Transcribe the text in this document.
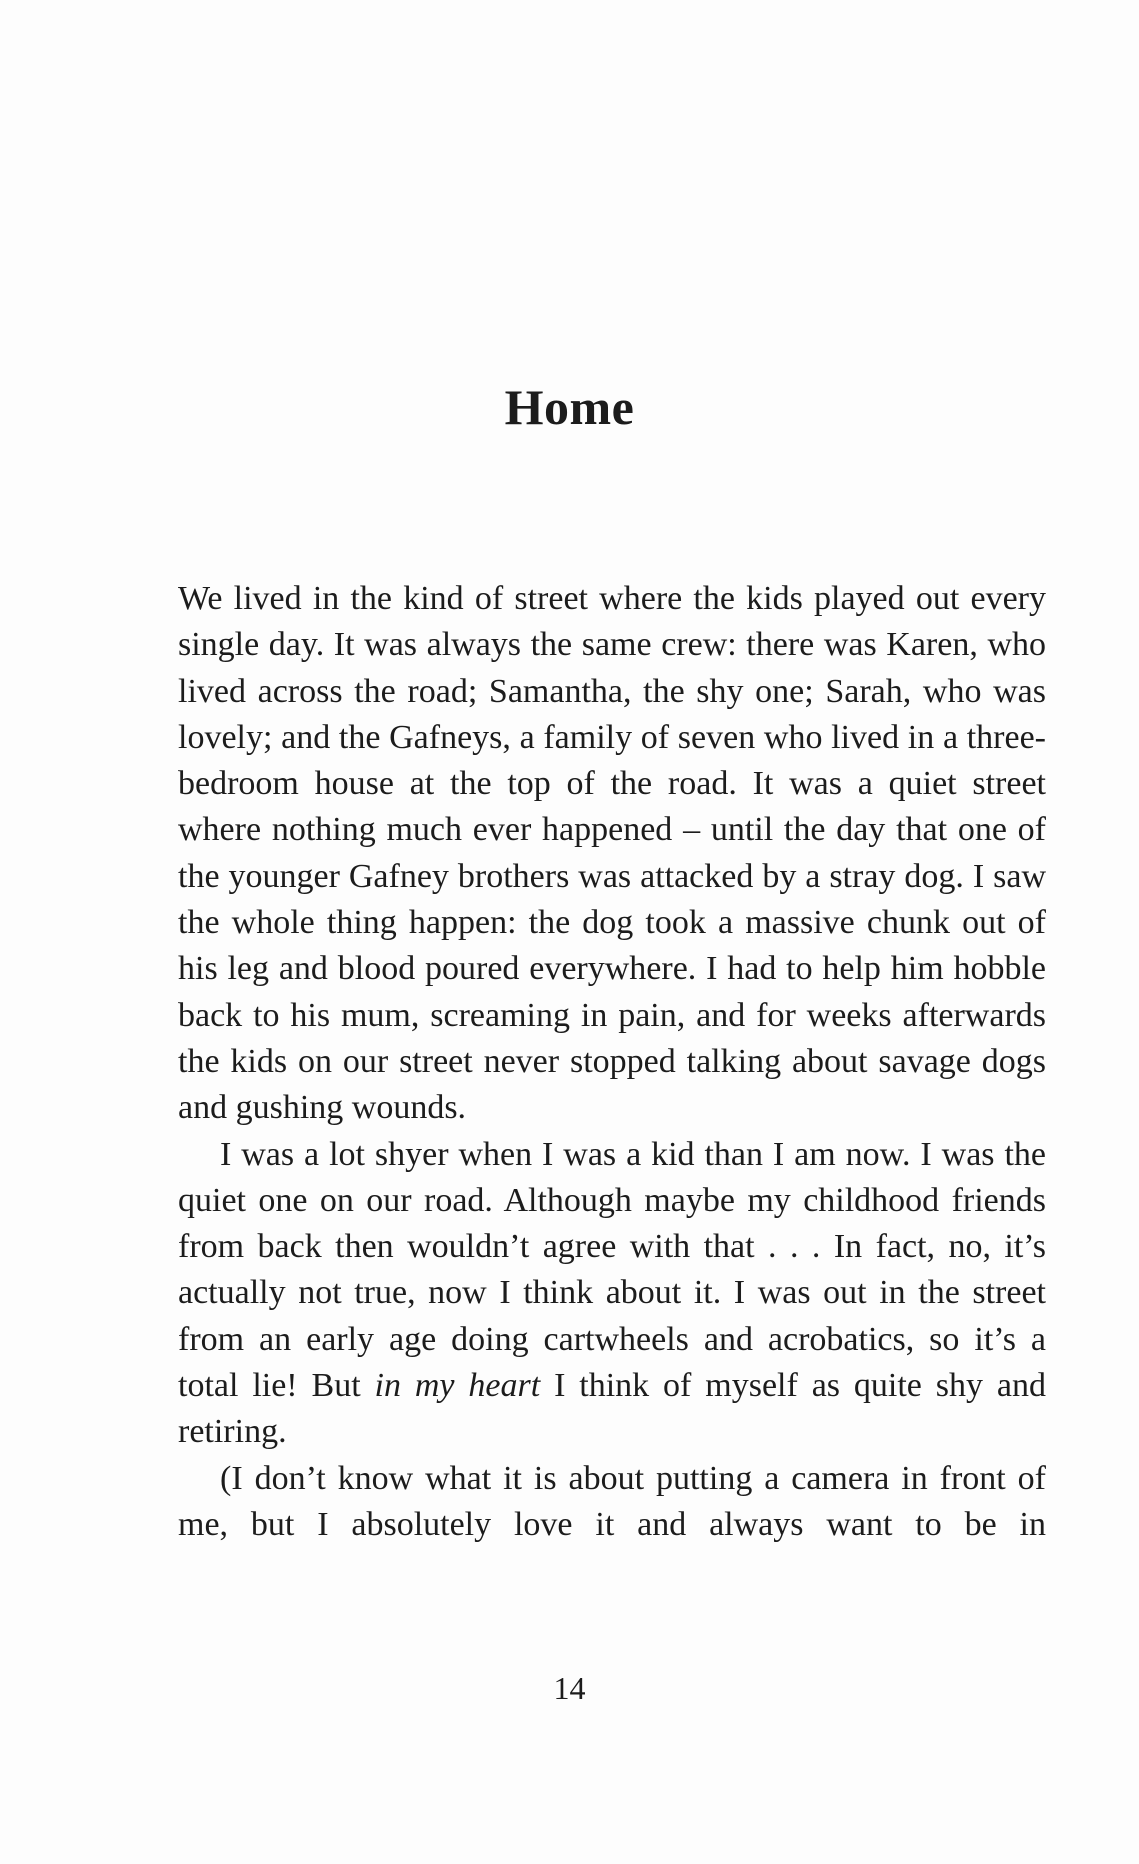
Home

We lived in the kind of street where the kids played out every single day. It was always the same crew: there was Karen, who lived across the road; Samantha, the shy one; Sarah, who was lovely; and the Gafneys, a family of seven who lived in a three-bedroom house at the top of the road. It was a quiet street where nothing much ever happened – until the day that one of the younger Gafney brothers was attacked by a stray dog. I saw the whole thing happen: the dog took a massive chunk out of his leg and blood poured everywhere. I had to help him hobble back to his mum, screaming in pain, and for weeks afterwards the kids on our street never stopped talking about savage dogs and gushing wounds.

I was a lot shyer when I was a kid than I am now. I was the quiet one on our road. Although maybe my childhood friends from back then wouldn’t agree with that . . . In fact, no, it’s actually not true, now I think about it. I was out in the street from an early age doing cartwheels and acrobatics, so it’s a total lie! But in my heart I think of myself as quite shy and retiring.

(I don’t know what it is about putting a camera in front of me, but I absolutely love it and always want to be in

14
